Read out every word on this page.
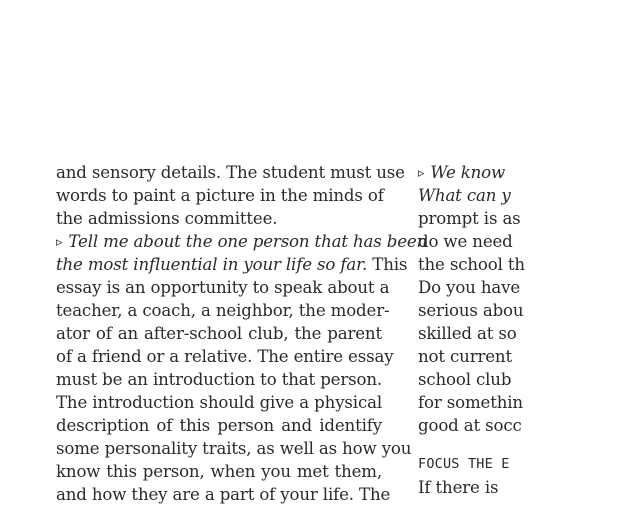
and sensory details. The student must use
words to paint a picture in the minds of
the admissions committee.
▹ Tell me about the one person that has been
the most influential in your life so far. This
essay is an opportunity to speak about a
teacher, a coach, a neighbor, the moder-
ator of an after-school club, the parent
of a friend or a relative. The entire essay
must be an introduction to that person.
The introduction should give a physical
description of this person and identify
some personality traits, as well as how you
know this person, when you met them,
and how they are a part of your life. The
▹ We know
What can y
prompt is as
do we need
the school th
Do you have
serious abou
skilled at so
not current
school club
for somethin
good at socc
FOCUS THE E
If there is
